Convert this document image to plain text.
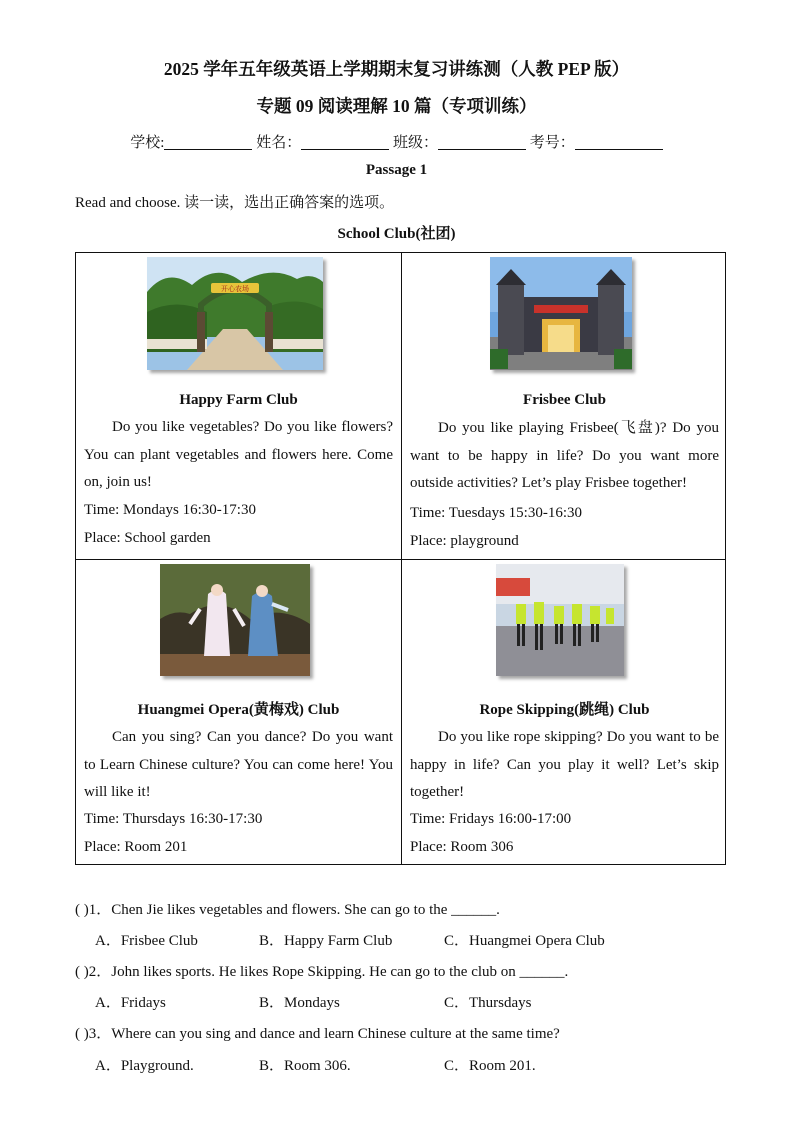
2025 学年五年级英语上学期期末复习讲练测（人教 PEP 版）
专题 09 阅读理解 10 篇（专项训练）
学校:	姓名：	班级：	考号：
Passage 1
Read and choose. 读一读，选出正确答案的选项。
School Club(社团)
开心农场
Happy Farm Club
Do you like vegetables? Do you like flowers? You can plant vegetables and flowers here. Come on, join us!
Time: Mondays 16:30-17:30
Place: School garden
Frisbee Club
Do you like playing Frisbee(飞盘)? Do you want to be happy in life? Do you want more outside activities? Let’s play Frisbee together!
Time: Tuesdays 15:30-16:30
Place: playground
Huangmei Opera(黄梅戏) Club
Can you sing? Can you dance? Do you want to Learn Chinese culture? You can come here! You will like it!
Time: Thursdays 16:30-17:30
Place: Room 201
Rope Skipping(跳绳) Club
Do you like rope skipping? Do you want to be happy in life? Can you play it well? Let’s skip together!
Time: Fridays 16:00-17:00
Place: Room 306
( )1．Chen Jie likes vegetables and flowers. She can go to the ______.
A．Frisbee Club	B．Happy Farm Club	C．Huangmei Opera Club
( )2．John likes sports. He likes Rope Skipping. He can go to the club on ______.
A．Fridays	B．Mondays	C．Thursdays
( )3．Where can you sing and dance and learn Chinese culture at the same time?
A．Playground.	B．Room 306.	C．Room 201.
